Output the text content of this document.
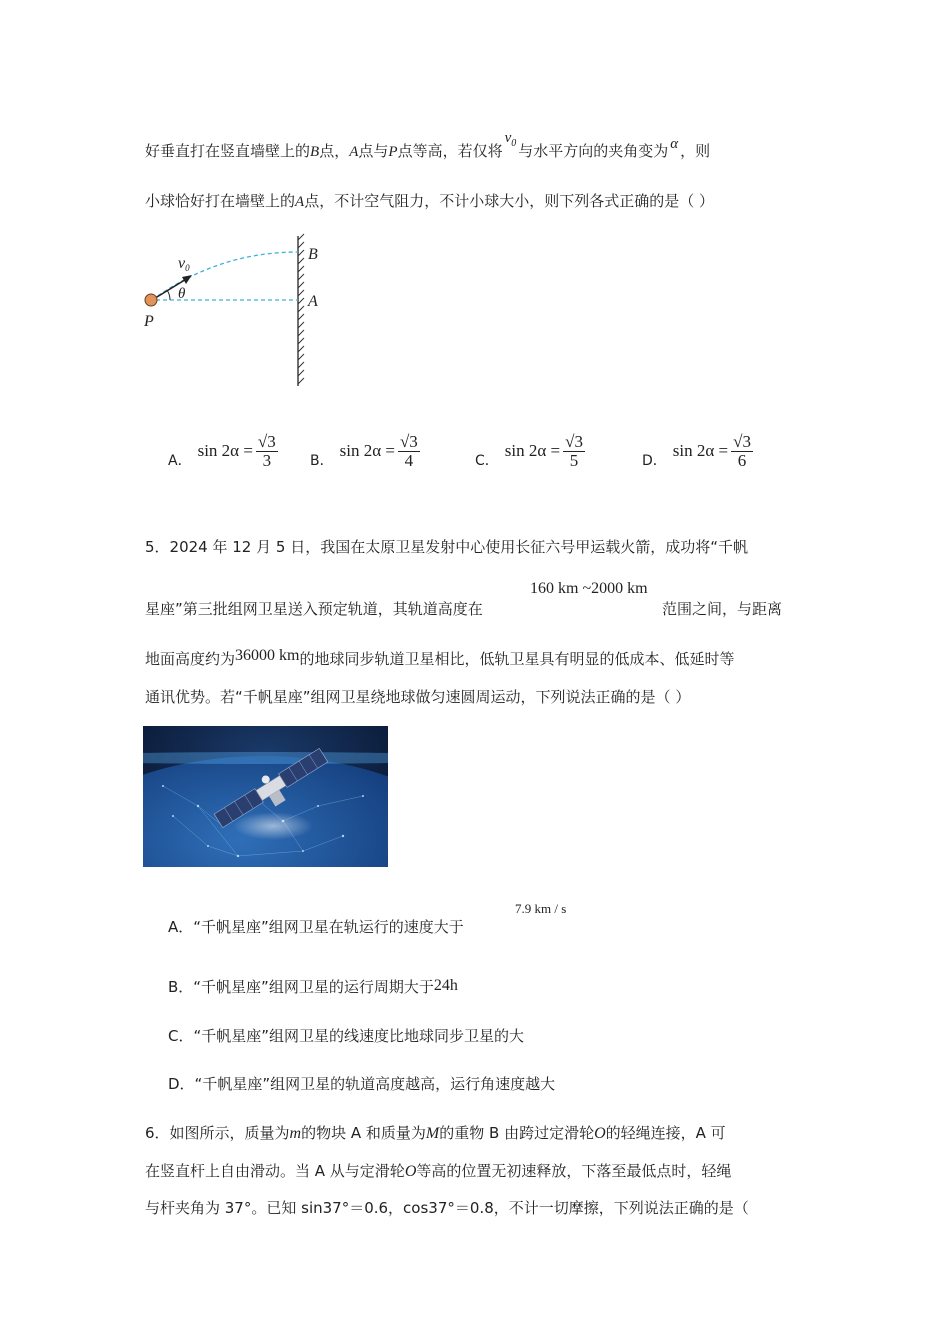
好垂直打在竖直墙壁上的B点，A点与P点等高，若仅将$v_0$ 与水平方向的夹角变为 α ，则
小球恰好打在墙壁上的A点，不计空气阻力，不计小球大小，则下列各式正确的是（ ）
v0
θ
P
A
B
A．
$\sin 2\alpha = \frac{√3}{3}$ B．
$\sin 2\alpha = \frac{√3}{4}$	C．
$\sin 2\alpha = \frac{√3}{5}$	D．
$\sin 2\alpha = \frac{√3}{6}$
5．2024 年 12 月 5 日，我国在太原卫星发射中心使用长征六号甲运载火箭，成功将“千帆
160 km ~2000 km
星座”第三批组网卫星送入预定轨道，其轨道高度在	范围之间，与距离
地面高度约为36000 km的地球同步轨道卫星相比，低轨卫星具有明显的低成本、低延时等
通讯优势。若“千帆星座”组网卫星绕地球做匀速圆周运动，下列说法正确的是（ ）
7.9 km / s
A．“千帆星座”组网卫星在轨运行的速度大于
B．“千帆星座”组网卫星的运行周期大于24h
C．“千帆星座”组网卫星的线速度比地球同步卫星的大
D．“千帆星座”组网卫星的轨道高度越高，运行角速度越大
6．如图所示，质量为m的物块 A 和质量为M的重物 B 由跨过定滑轮O的轻绳连接，A 可
在竖直杆上自由滑动。当 A 从与定滑轮O等高的位置无初速释放，下落至最低点时，轻绳
与杆夹角为 37°。已知 sin37°＝0.6，cos37°＝0.8，不计一切摩擦，下列说法正确的是（
